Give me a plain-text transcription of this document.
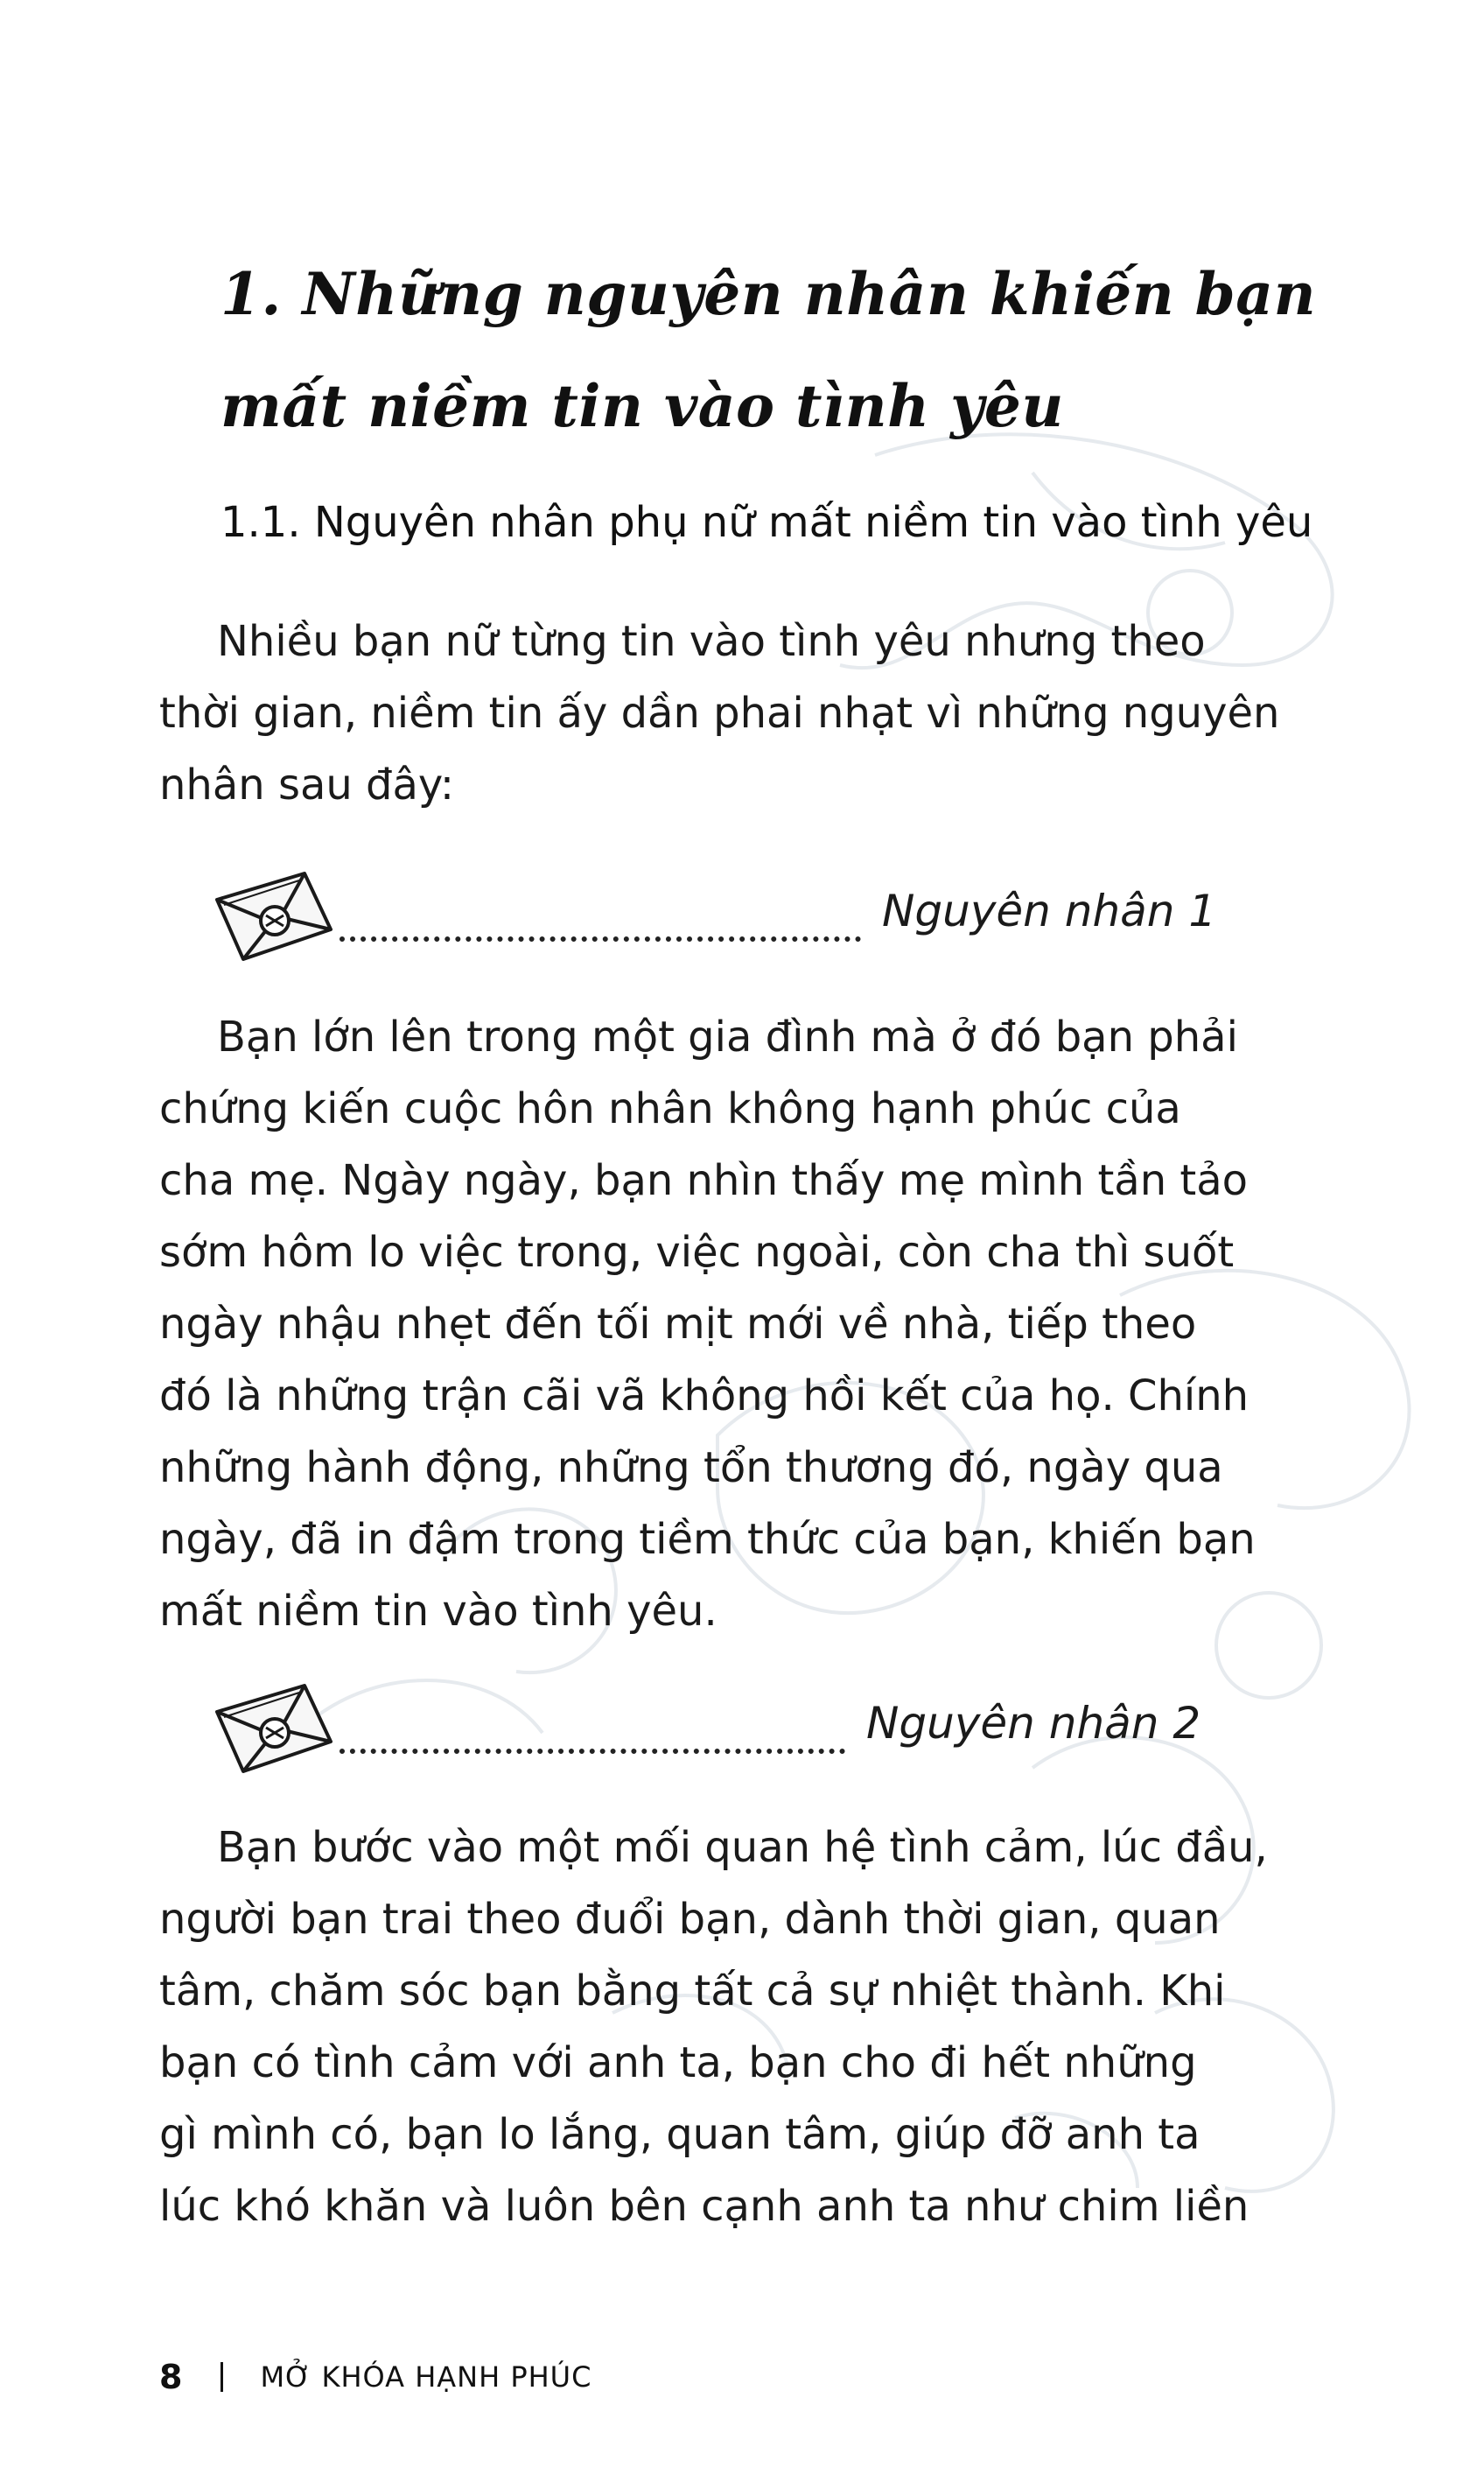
1. Những nguyên nhân khiến bạn
mất niềm tin vào tình yêu
1.1. Nguyên nhân phụ nữ mất niềm tin vào tình yêu

Nhiều bạn nữ từng tin vào tình yêu nhưng theo
thời gian, niềm tin ấy dần phai nhạt vì những nguyên
nhân sau đây:

Nguyên nhân 1

Bạn lớn lên trong một gia đình mà ở đó bạn phải
chứng kiến cuộc hôn nhân không hạnh phúc của
cha mẹ. Ngày ngày, bạn nhìn thấy mẹ mình tần tảo
sớm hôm lo việc trong, việc ngoài, còn cha thì suốt
ngày nhậu nhẹt đến tối mịt mới về nhà, tiếp theo
đó là những trận cãi vã không hồi kết của họ. Chính
những hành động, những tổn thương đó, ngày qua
ngày, đã in đậm trong tiềm thức của bạn, khiến bạn
mất niềm tin vào tình yêu.

Nguyên nhân 2

Bạn bước vào một mối quan hệ tình cảm, lúc đầu,
người bạn trai theo đuổi bạn, dành thời gian, quan
tâm, chăm sóc bạn bằng tất cả sự nhiệt thành. Khi
bạn có tình cảm với anh ta, bạn cho đi hết những
gì mình có, bạn lo lắng, quan tâm, giúp đỡ anh ta
lúc khó khăn và luôn bên cạnh anh ta như chim liền

8	MỞ KHÓA HẠNH PHÚC
